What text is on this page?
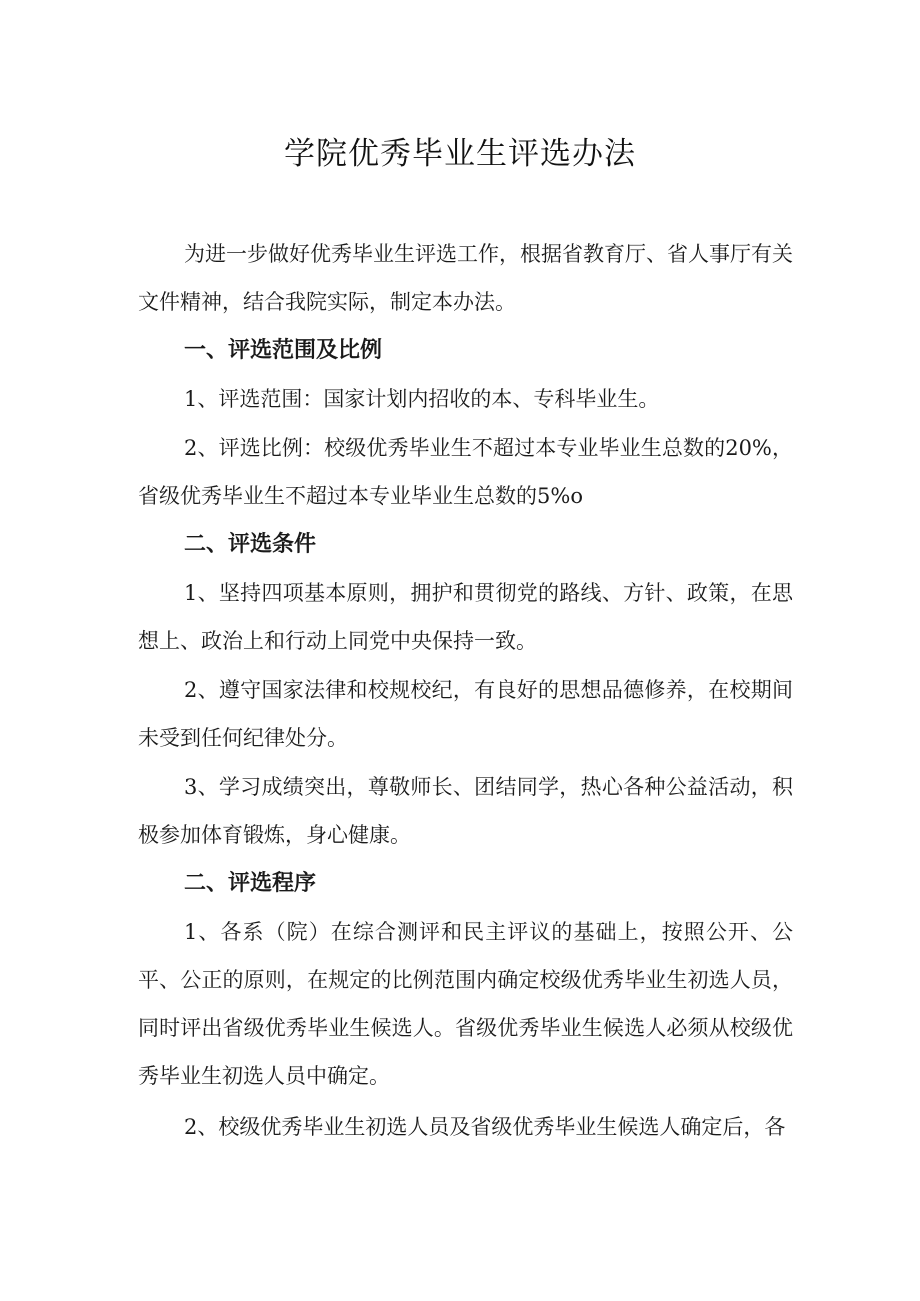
学院优秀毕业生评选办法

为进一步做好优秀毕业生评选工作，根据省教育厅、省人事厅有关文件精神，结合我院实际，制定本办法。

一、评选范围及比例

1、评选范围：国家计划内招收的本、专科毕业生。

2、评选比例：校级优秀毕业生不超过本专业毕业生总数的20%，省级优秀毕业生不超过本专业毕业生总数的5%o

二、评选条件

1、坚持四项基本原则，拥护和贯彻党的路线、方针、政策，在思想上、政治上和行动上同党中央保持一致。

2、遵守国家法律和校规校纪，有良好的思想品德修养，在校期间未受到任何纪律处分。

3、学习成绩突出，尊敬师长、团结同学，热心各种公益活动，积极参加体育锻炼，身心健康。

二、评选程序

1、各系（院）在综合测评和民主评议的基础上，按照公开、公平、公正的原则，在规定的比例范围内确定校级优秀毕业生初选人员，同时评出省级优秀毕业生候选人。省级优秀毕业生候选人必须从校级优秀毕业生初选人员中确定。

2、校级优秀毕业生初选人员及省级优秀毕业生候选人确定后，各
